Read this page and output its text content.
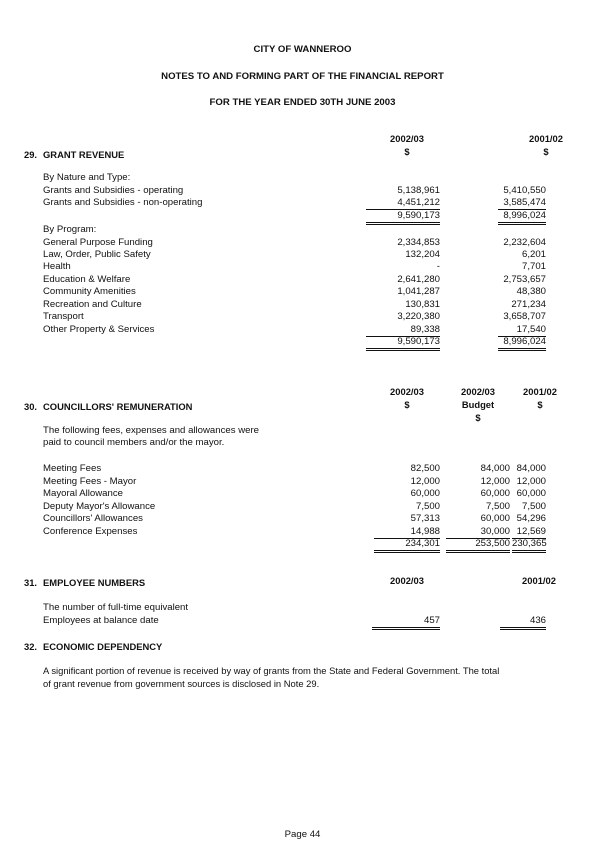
CITY OF WANNEROO
NOTES TO AND FORMING PART OF THE FINANCIAL REPORT
FOR THE YEAR ENDED 30TH JUNE 2003
2002/03
$
2001/02
$
29. GRANT REVENUE
By Nature and Type:
Grants and Subsidies - operating	5,138,961	5,410,550
Grants and Subsidies - non-operating	4,451,212	3,585,474
9,590,173	8,996,024
By Program:
General Purpose Funding	2,334,853	2,232,604
Law, Order, Public Safety	132,204	6,201
Health	-	7,701
Education & Welfare	2,641,280	2,753,657
Community Amenities	1,041,287	48,380
Recreation and Culture	130,831	271,234
Transport	3,220,380	3,658,707
Other Property & Services	89,338	17,540
9,590,173	8,996,024
2002/03
$
2002/03
Budget
$
2001/02
$
30. COUNCILLORS' REMUNERATION
The following fees, expenses and allowances were
paid to council members and/or the mayor.
Meeting Fees	82,500	84,000 84,000
Meeting Fees - Mayor	12,000	12,000 12,000
Mayoral Allowance	60,000	60,000 60,000
Deputy Mayor's Allowance	7,500	7,500	7,500
Councillors' Allowances	57,313	60,000 54,296
Conference Expenses	14,988	30,000 12,569
234,301	253,500 230,365
31. EMPLOYEE NUMBERS	2002/03	2001/02
The number of full-time equivalent
Employees at balance date	457	436
32. ECONOMIC DEPENDENCY
A significant portion of revenue is received by way of grants from the State and Federal Government. The total
of grant revenue from government sources is disclosed in Note 29.
Page 44
